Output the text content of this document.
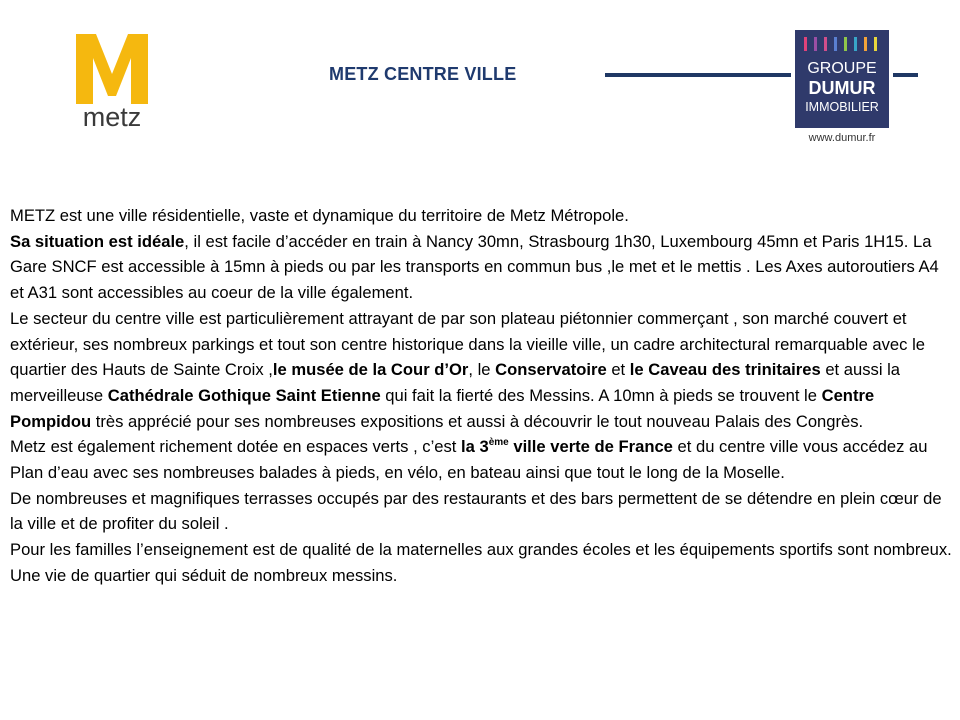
metz
METZ CENTRE VILLE	GROUPE
DUMUR
IMMOBILIER
www.dumur.fr

METZ est une ville résidentielle, vaste et dynamique du territoire de Metz Métropole.

Sa situation est idéale, il est facile d’accéder en train à Nancy 30mn, Strasbourg 1h30, Luxembourg 45mn et Paris 1H15. La Gare SNCF est accessible à 15mn à pieds ou par les transports en commun bus ,le met et le mettis . Les Axes autoroutiers A4 et A31 sont accessibles au coeur de la ville également.

Le secteur du centre ville est particulièrement attrayant de par son plateau piétonnier commerçant , son marché couvert et extérieur, ses nombreux parkings et tout son centre historique dans la vieille ville, un cadre architectural remarquable avec le quartier des Hauts de Sainte Croix ,le musée de la Cour d’Or, le Conservatoire et le Caveau des trinitaires et aussi la merveilleuse Cathédrale Gothique Saint Etienne qui fait la fierté des Messins. A 10mn à pieds se trouvent le Centre Pompidou très apprécié pour ses nombreuses expositions et aussi à découvrir le tout nouveau Palais des Congrès.

Metz est également richement dotée en espaces verts , c’est la 3ème ville verte de France et du centre ville vous accédez au Plan d’eau avec ses nombreuses balades à pieds, en vélo, en bateau ainsi que tout le long de la Moselle.

De nombreuses et magnifiques terrasses occupés par des restaurants et des bars permettent de se détendre en plein cœur de la ville et de profiter du soleil .

Pour les familles l’enseignement est de qualité de la maternelles aux grandes écoles et les équipements sportifs sont nombreux.

Une vie de quartier qui séduit de nombreux messins.
